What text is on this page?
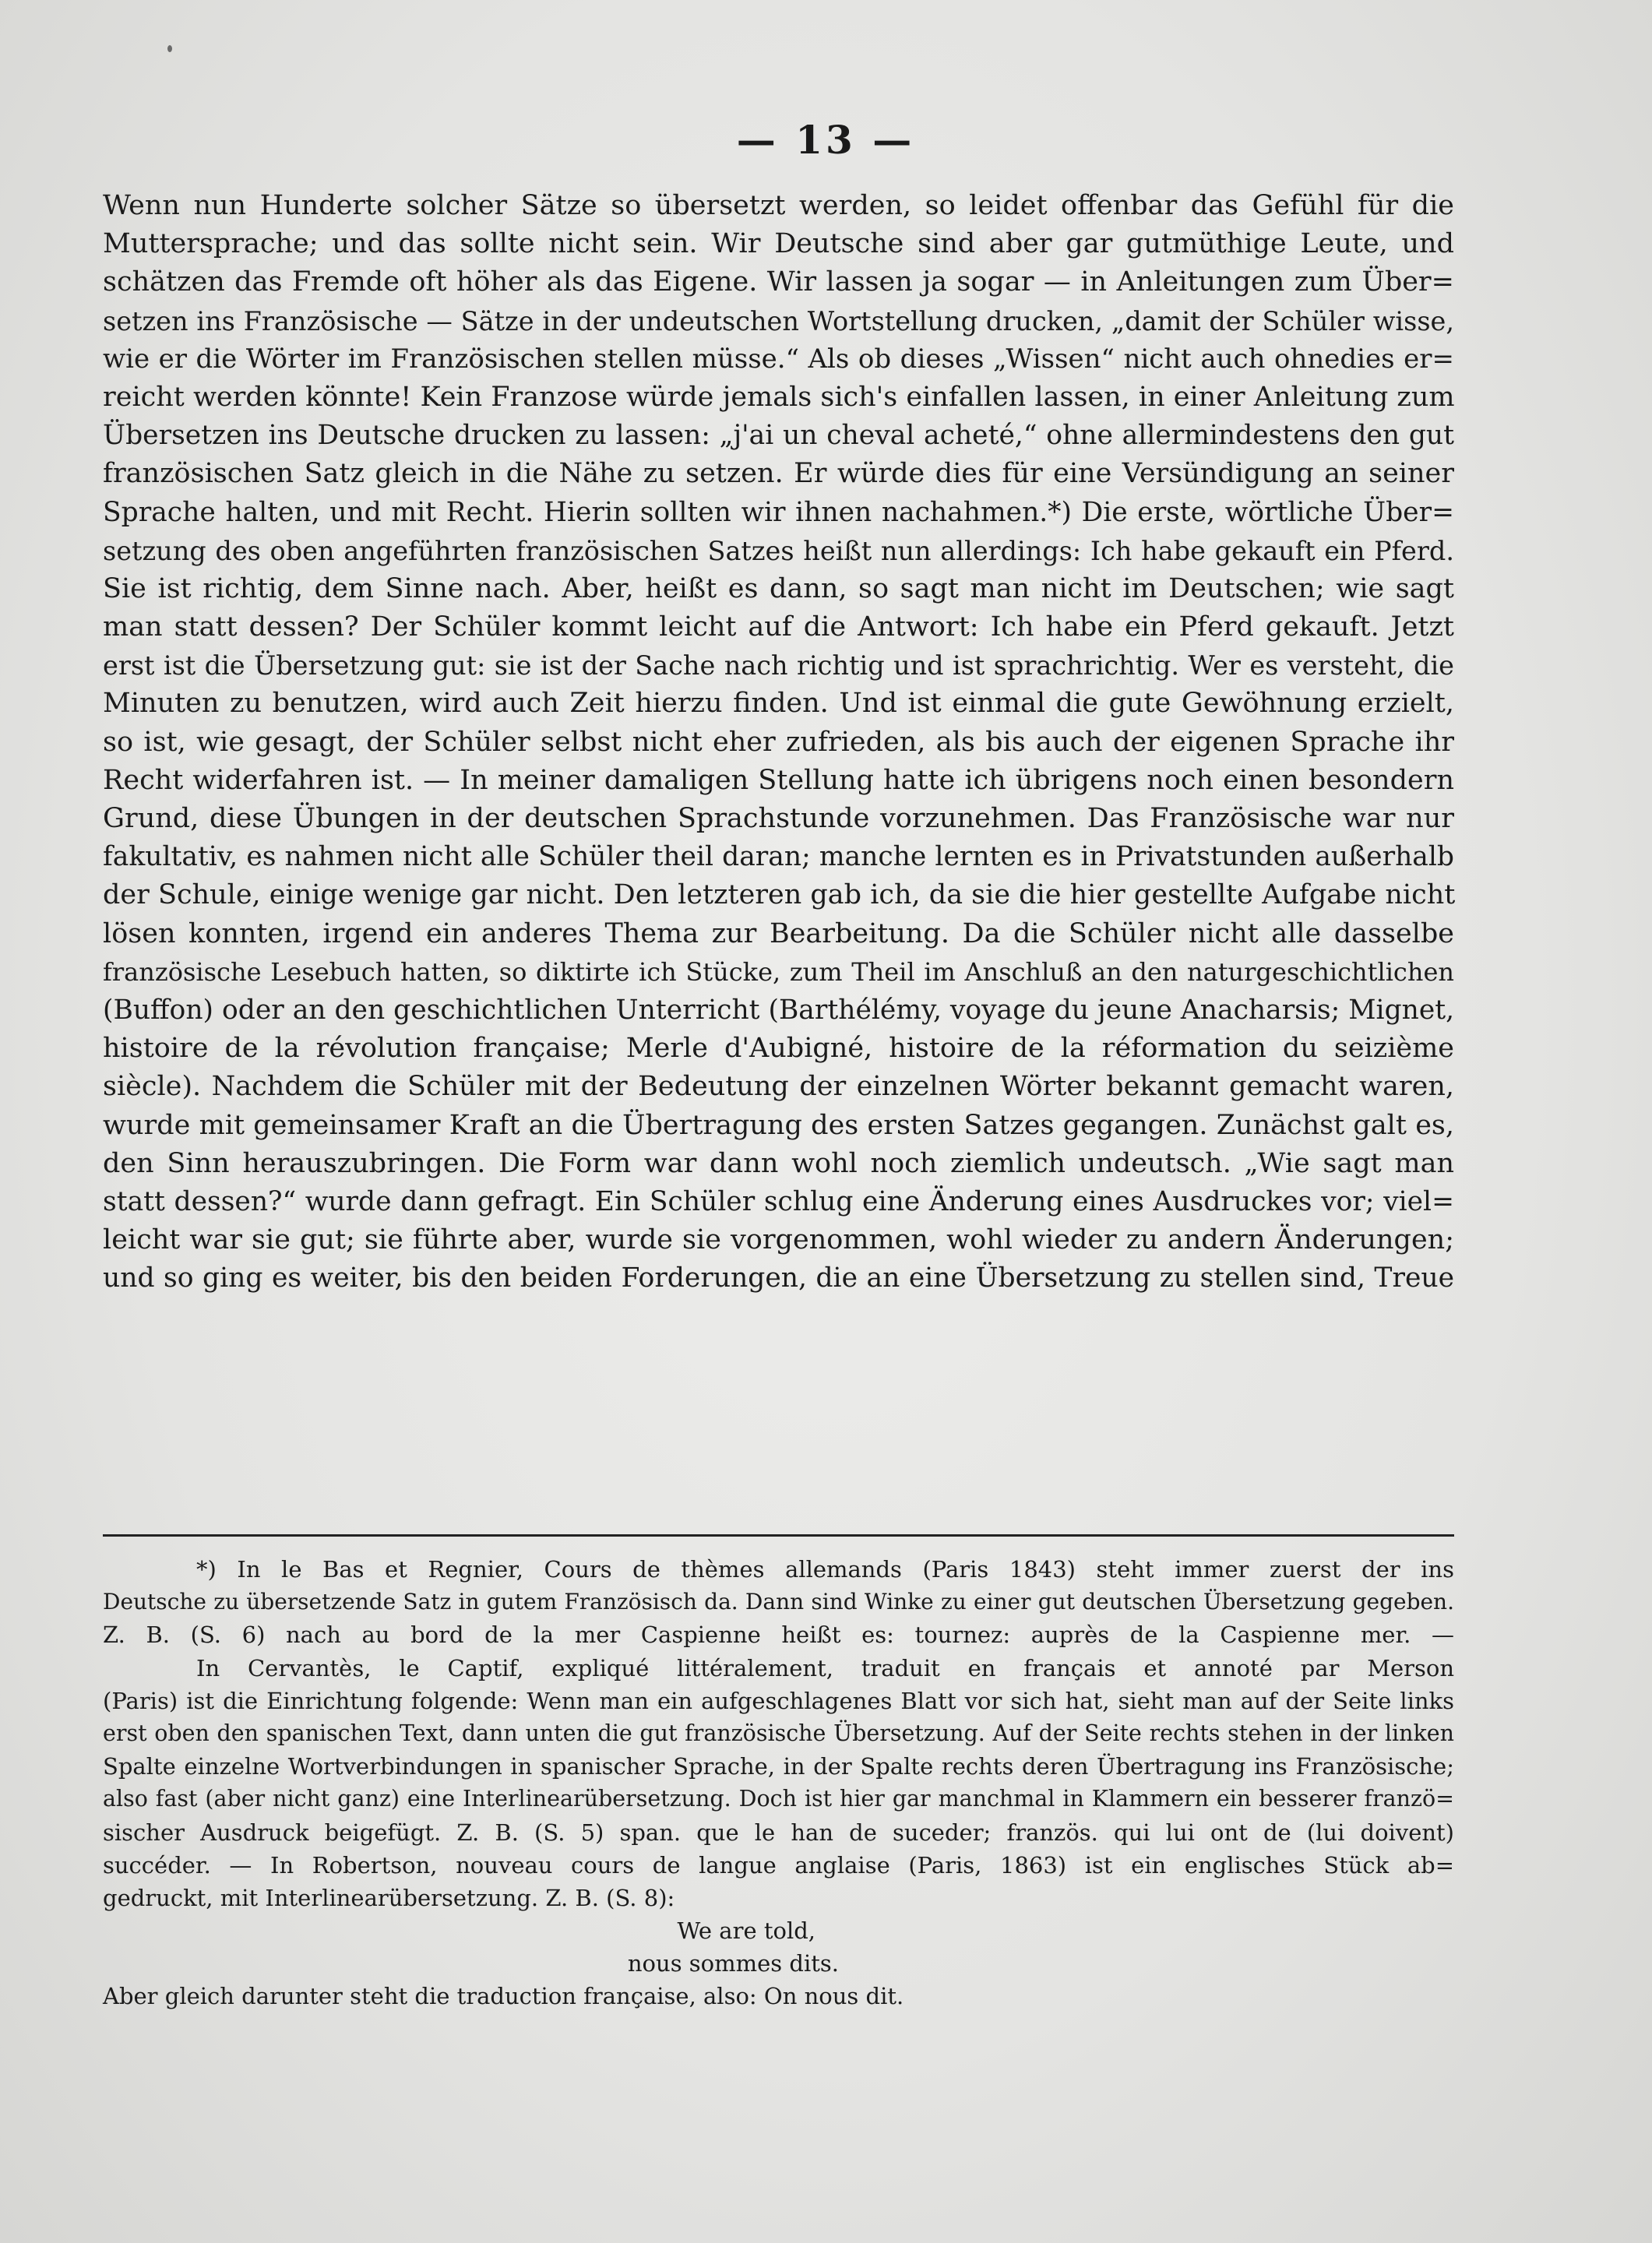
— 13 —
Wenn nun Hunderte solcher Sätze so übersetzt werden, so leidet offenbar das Gefühl für die
Muttersprache; und das sollte nicht sein. Wir Deutsche sind aber gar gutmüthige Leute, und
schätzen das Fremde oft höher als das Eigene. Wir lassen ja sogar — in Anleitungen zum Über=
setzen ins Französische — Sätze in der undeutschen Wortstellung drucken, „damit der Schüler wisse,
wie er die Wörter im Französischen stellen müsse.“ Als ob dieses „Wissen“ nicht auch ohnedies er=
reicht werden könnte! Kein Franzose würde jemals sich's einfallen lassen, in einer Anleitung zum
Übersetzen ins Deutsche drucken zu lassen: „j'ai un cheval acheté,“ ohne allermindestens den gut
französischen Satz gleich in die Nähe zu setzen. Er würde dies für eine Versündigung an seiner
Sprache halten, und mit Recht. Hierin sollten wir ihnen nachahmen.*) Die erste, wörtliche Über=
setzung des oben angeführten französischen Satzes heißt nun allerdings: Ich habe gekauft ein Pferd.
Sie ist richtig, dem Sinne nach. Aber, heißt es dann, so sagt man nicht im Deutschen; wie sagt
man statt dessen? Der Schüler kommt leicht auf die Antwort: Ich habe ein Pferd gekauft. Jetzt
erst ist die Übersetzung gut: sie ist der Sache nach richtig und ist sprachrichtig. Wer es versteht, die
Minuten zu benutzen, wird auch Zeit hierzu finden. Und ist einmal die gute Gewöhnung erzielt,
so ist, wie gesagt, der Schüler selbst nicht eher zufrieden, als bis auch der eigenen Sprache ihr
Recht widerfahren ist. — In meiner damaligen Stellung hatte ich übrigens noch einen besondern
Grund, diese Übungen in der deutschen Sprachstunde vorzunehmen. Das Französische war nur
fakultativ, es nahmen nicht alle Schüler theil daran; manche lernten es in Privatstunden außerhalb
der Schule, einige wenige gar nicht. Den letzteren gab ich, da sie die hier gestellte Aufgabe nicht
lösen konnten, irgend ein anderes Thema zur Bearbeitung. Da die Schüler nicht alle dasselbe
französische Lesebuch hatten, so diktirte ich Stücke, zum Theil im Anschluß an den naturgeschichtlichen
(Buffon) oder an den geschichtlichen Unterricht (Barthélémy, voyage du jeune Anacharsis; Mignet,
histoire de la révolution française; Merle d'Aubigné, histoire de la réformation du seizième
siècle). Nachdem die Schüler mit der Bedeutung der einzelnen Wörter bekannt gemacht waren,
wurde mit gemeinsamer Kraft an die Übertragung des ersten Satzes gegangen. Zunächst galt es,
den Sinn herauszubringen. Die Form war dann wohl noch ziemlich undeutsch. „Wie sagt man
statt dessen?“ wurde dann gefragt. Ein Schüler schlug eine Änderung eines Ausdruckes vor; viel=
leicht war sie gut; sie führte aber, wurde sie vorgenommen, wohl wieder zu andern Änderungen;
und so ging es weiter, bis den beiden Forderungen, die an eine Übersetzung zu stellen sind, Treue
*) In le Bas et Regnier, Cours de thèmes allemands (Paris 1843) steht immer zuerst der ins
Deutsche zu übersetzende Satz in gutem Französisch da. Dann sind Winke zu einer gut deutschen Übersetzung gegeben.
Z. B. (S. 6) nach au bord de la mer Caspienne heißt es: tournez: auprès de la Caspienne mer. —
In Cervantès, le Captif, expliqué littéralement, traduit en français et annoté par Merson
(Paris) ist die Einrichtung folgende: Wenn man ein aufgeschlagenes Blatt vor sich hat, sieht man auf der Seite links
erst oben den spanischen Text, dann unten die gut französische Übersetzung. Auf der Seite rechts stehen in der linken
Spalte einzelne Wortverbindungen in spanischer Sprache, in der Spalte rechts deren Übertragung ins Französische;
also fast (aber nicht ganz) eine Interlinearübersetzung. Doch ist hier gar manchmal in Klammern ein besserer franzö=
sischer Ausdruck beigefügt. Z. B. (S. 5) span. que le han de suceder; französ. qui lui ont de (lui doivent)
succéder. — In Robertson, nouveau cours de langue anglaise (Paris, 1863) ist ein englisches Stück ab=
gedruckt, mit Interlinearübersetzung. Z. B. (S. 8):
We are told,
nous sommes dits.
Aber gleich darunter steht die traduction française, also: On nous dit.
